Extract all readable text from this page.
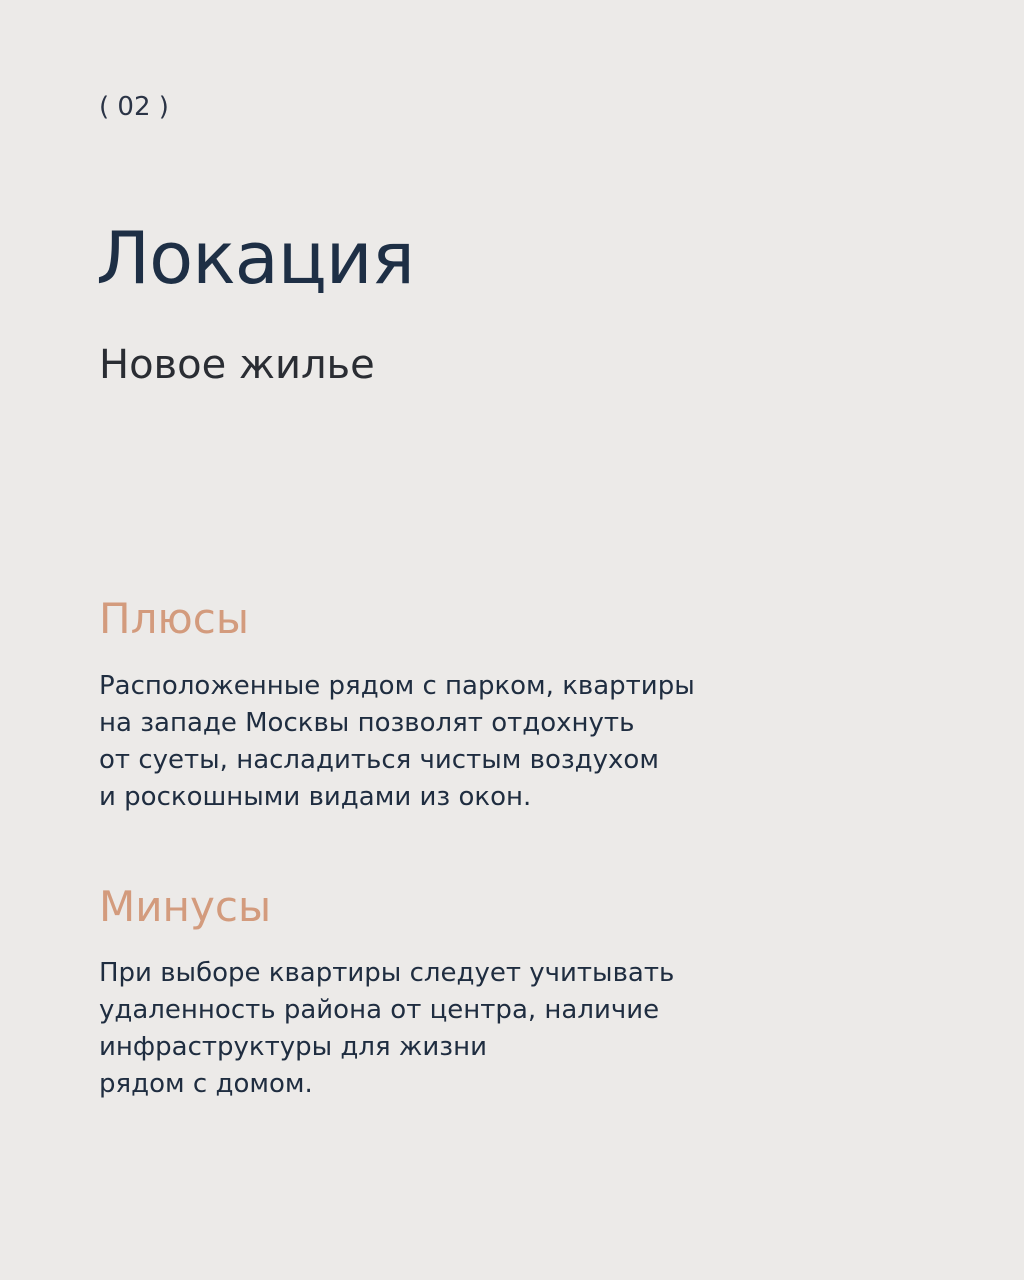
( 02 )
Локация
Новое жилье
Плюсы
Расположенные рядом с парком, квартиры
на западе Москвы позволят отдохнуть
от суеты, насладиться чистым воздухом
и роскошными видами из окон.
Минусы
При выборе квартиры следует учитывать
удаленность района от центра, наличие
инфраструктуры для жизни
рядом с домом.
